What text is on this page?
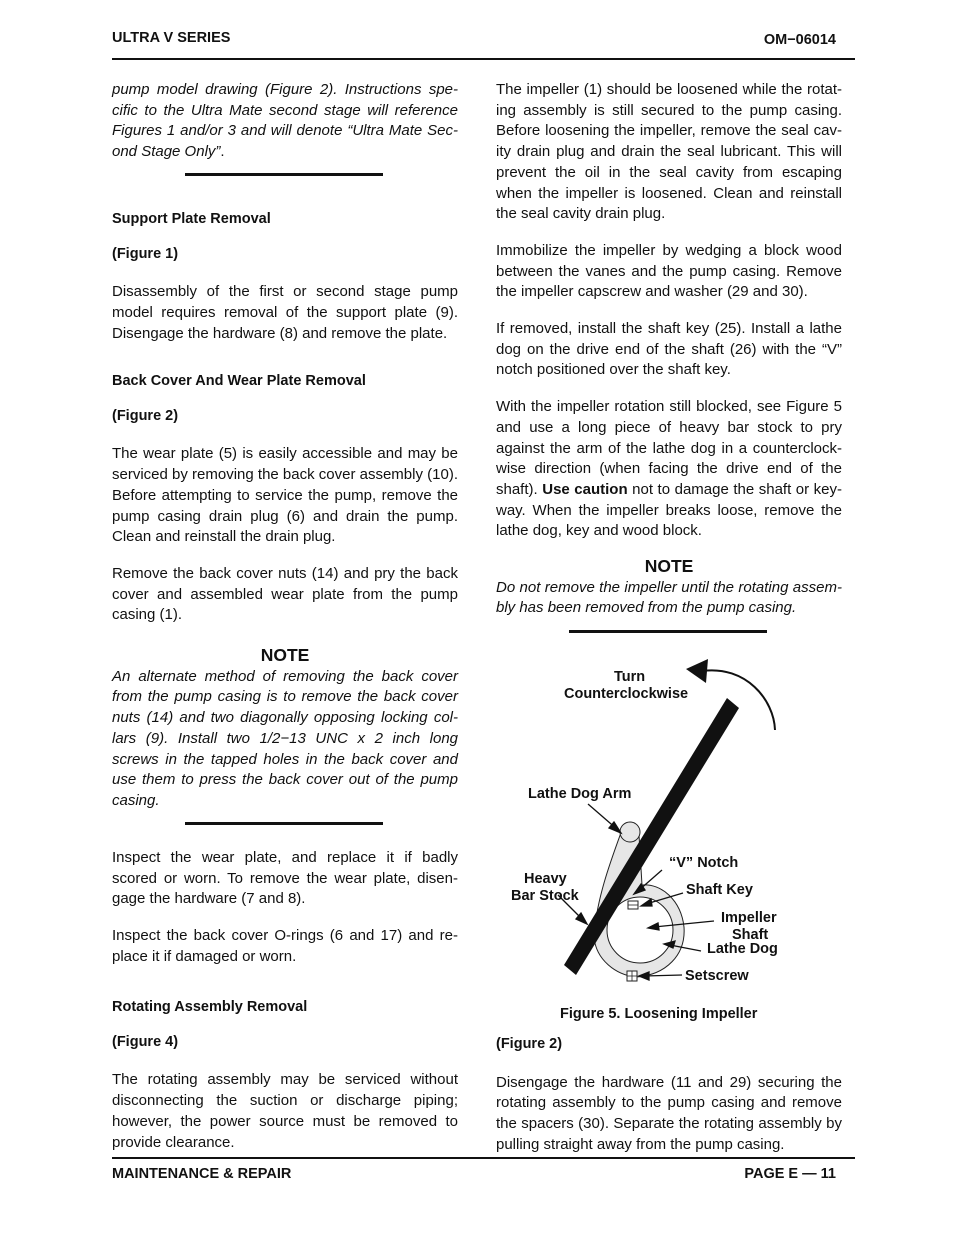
ULTRA V SERIES	OM−06014

pump model drawing (Figure 2). Instructions specific to the Ultra Mate second stage will reference Figures 1 and/or 3 and will denote “Ultra Mate Second Stage Only”.

Support Plate Removal
(Figure 1)

Disassembly of the first or second stage pump model requires removal of the support plate (9). Disengage the hardware (8) and remove the plate.

Back Cover And Wear Plate Removal
(Figure 2)

The wear plate (5) is easily accessible and may be serviced by removing the back cover assembly (10). Before attempting to service the pump, remove the pump casing drain plug (6) and drain the pump. Clean and reinstall the drain plug.

Remove the back cover nuts (14) and pry the back cover and assembled wear plate from the pump casing (1).

NOTE

An alternate method of removing the back cover from the pump casing is to remove the back cover nuts (14) and two diagonally opposing locking collars (9). Install two 1/2−13 UNC x 2 inch long screws in the tapped holes in the back cover and use them to press the back cover out of the pump casing.

Inspect the wear plate, and replace it if badly scored or worn. To remove the wear plate, disengage the hardware (7 and 8).

Inspect the back cover O-rings (6 and 17) and replace it if damaged or worn.

Rotating Assembly Removal
(Figure 4)

The rotating assembly may be serviced without disconnecting the suction or discharge piping; however, the power source must be removed to provide clearance.

The impeller (1) should be loosened while the rotating assembly is still secured to the pump casing. Before loosening the impeller, remove the seal cavity drain plug and drain the seal lubricant. This will prevent the oil in the seal cavity from escaping when the impeller is loosened. Clean and reinstall the seal cavity drain plug.

Immobilize the impeller by wedging a block wood between the vanes and the pump casing. Remove the impeller capscrew and washer (29 and 30).

If removed, install the shaft key (25). Install a lathe dog on the drive end of the shaft (26) with the “V” notch positioned over the shaft key.

With the impeller rotation still blocked, see Figure 5 and use a long piece of heavy bar stock to pry against the arm of the lathe dog in a counterclockwise direction (when facing the drive end of the shaft). Use caution not to damage the shaft or keyway. When the impeller breaks loose, remove the lathe dog, key and wood block.

NOTE

Do not remove the impeller until the rotating assembly has been removed from the pump casing.

Turn
Counterclockwise
Lathe Dog Arm
“V” Notch
Heavy
Bar Stock	Shaft Key
Impeller
Shaft
Lathe Dog
Setscrew
Figure 5. Loosening Impeller
(Figure 2)

Disengage the hardware (11 and 29) securing the rotating assembly to the pump casing and remove the spacers (30). Separate the rotating assembly by pulling straight away from the pump casing.

MAINTENANCE & REPAIR	PAGE E — 11
